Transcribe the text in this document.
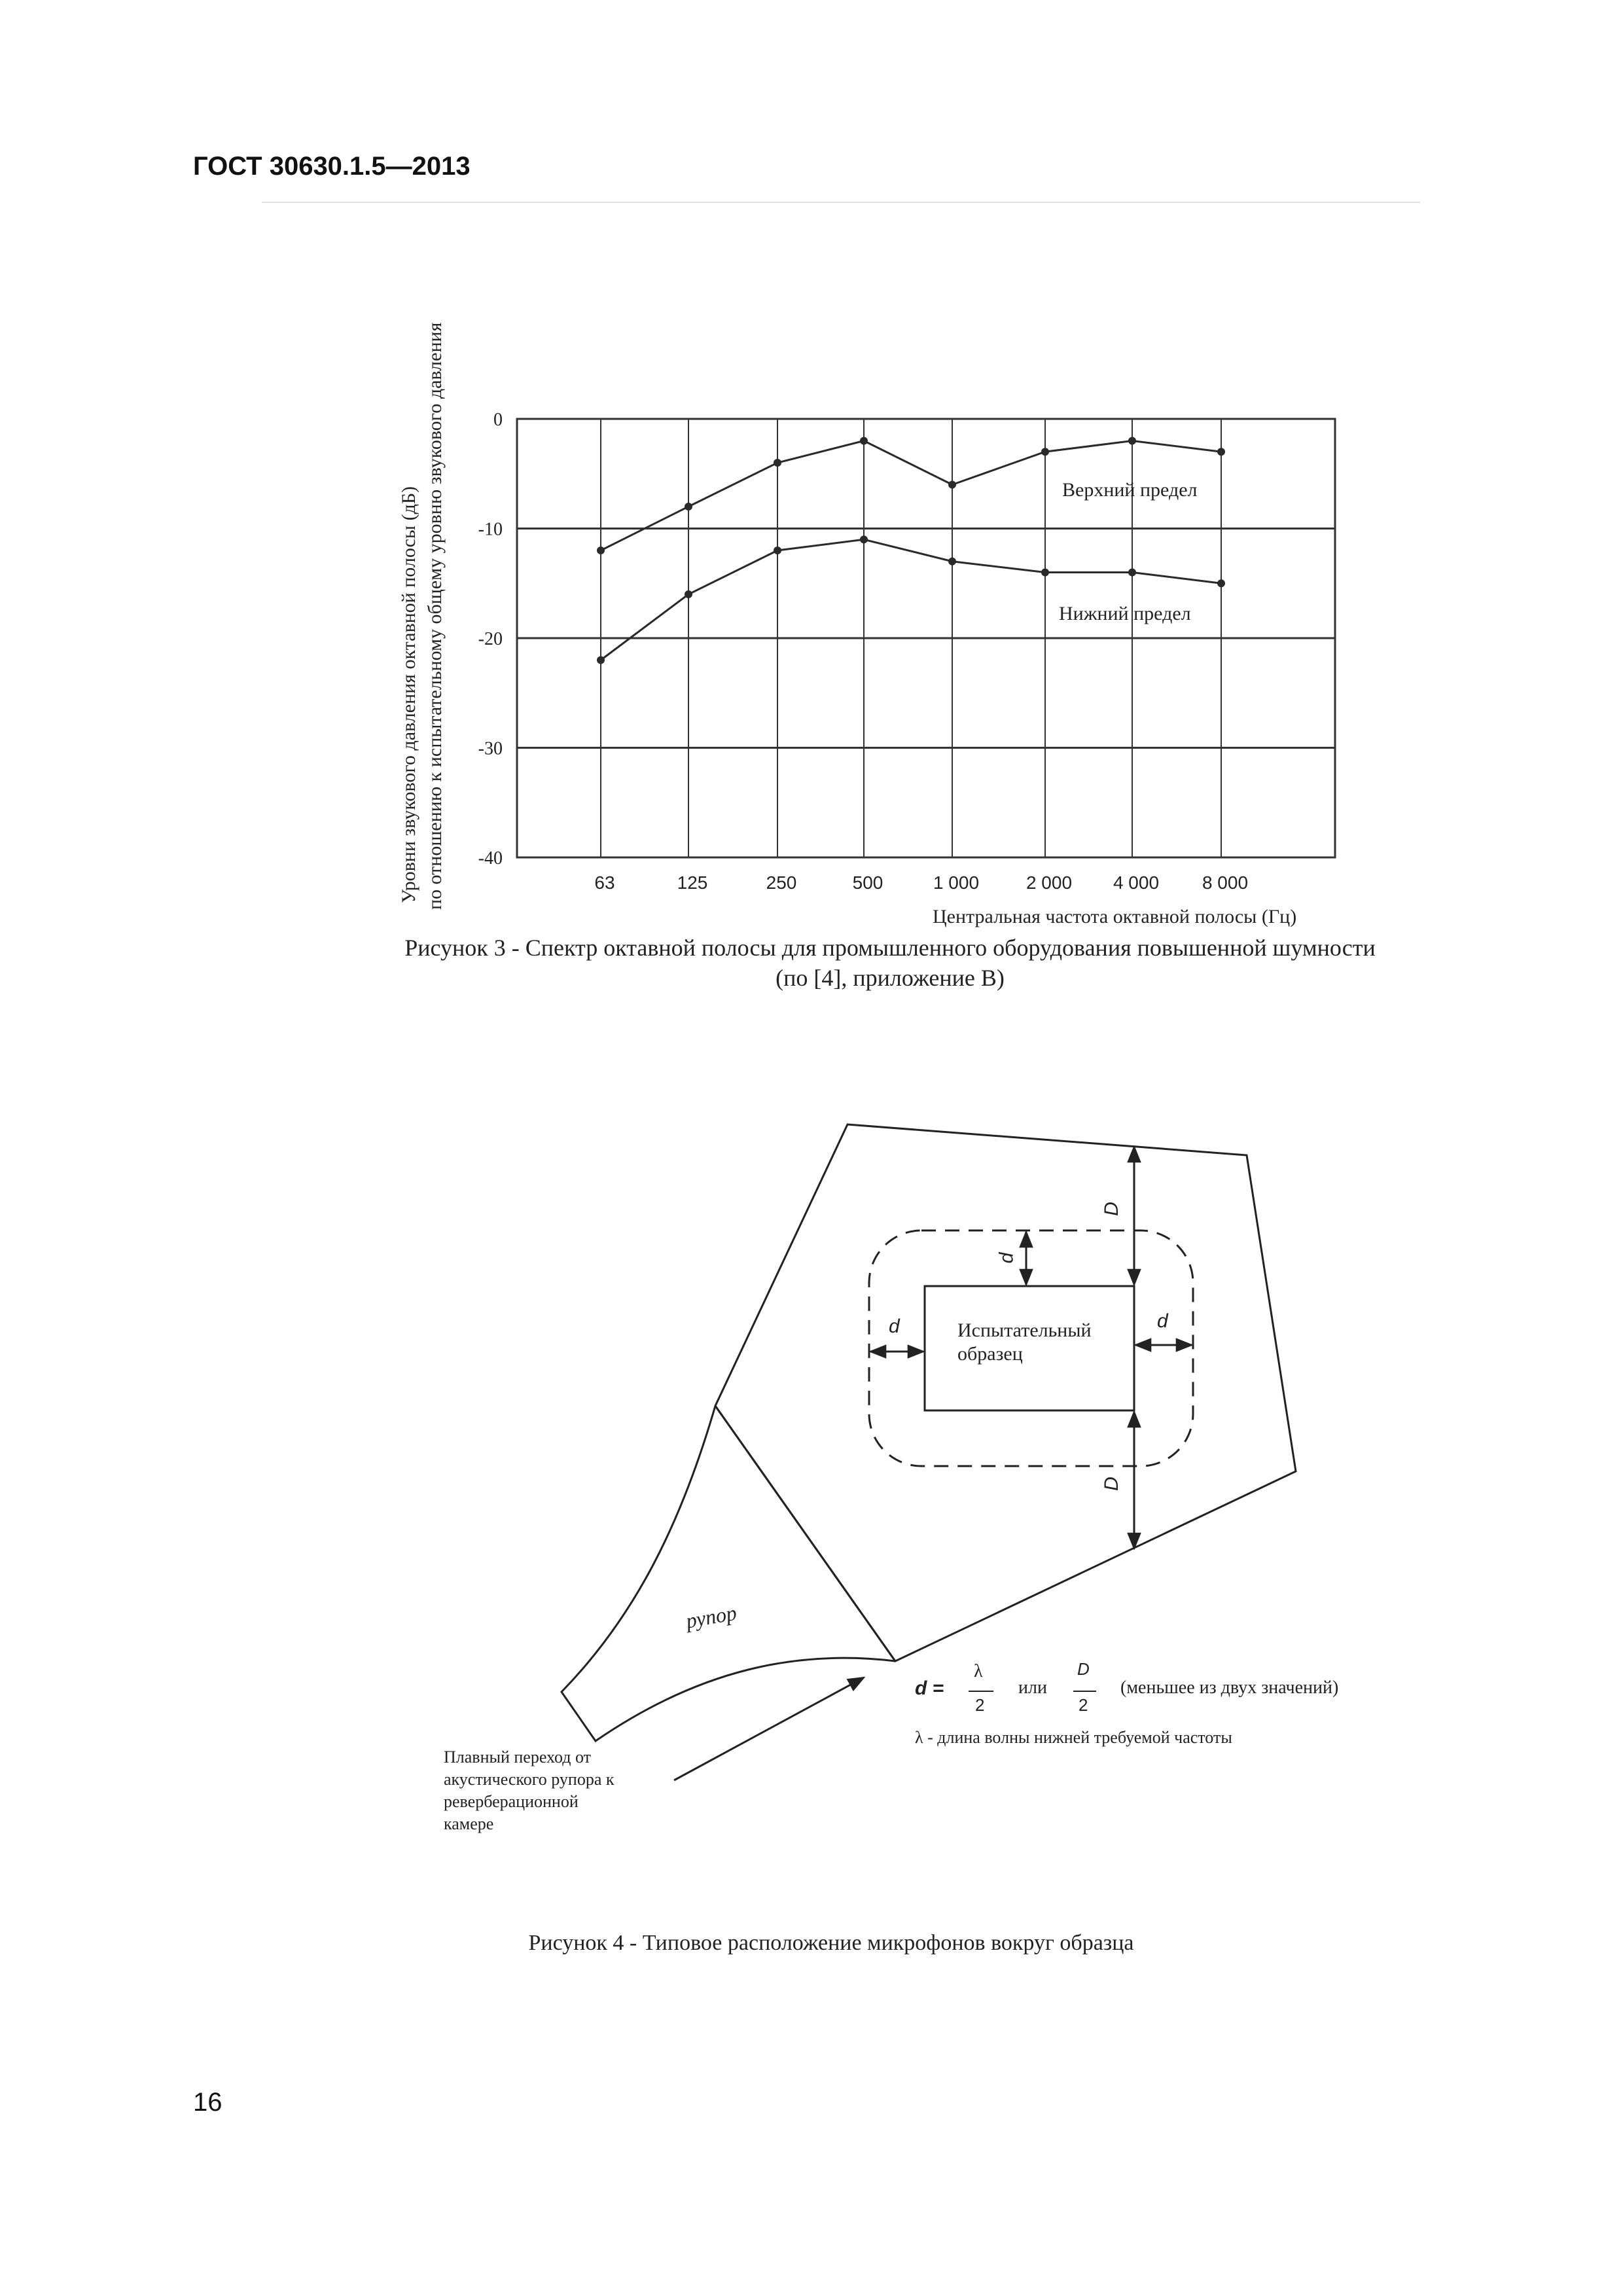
ГОСТ 30630.1.5—2013
0
-10
-20
-30
-40
63	125	250	500	1 000	2 000 4 000 8 000
Верхний предел
Нижний предел
Центральная частота октавной полосы (Гц)
Уровни звукового давления октавной полосы (дБ) по отношению к испытательному общему уровню звукового давления
Рисунок 3 - Спектр октавной полосы для промышленного оборудования повышенной шумности
(по [4], приложение В)
D
D
d
d	d
Испытательный
образец
рупор
Плавный переход от
акустического рупора к
реверберационной
камере
d =
λ
2
или
D
2
(меньшее из двух значений)
λ - длина волны нижней требуемой частоты
Рисунок 4 - Типовое расположение микрофонов вокруг образца
16
